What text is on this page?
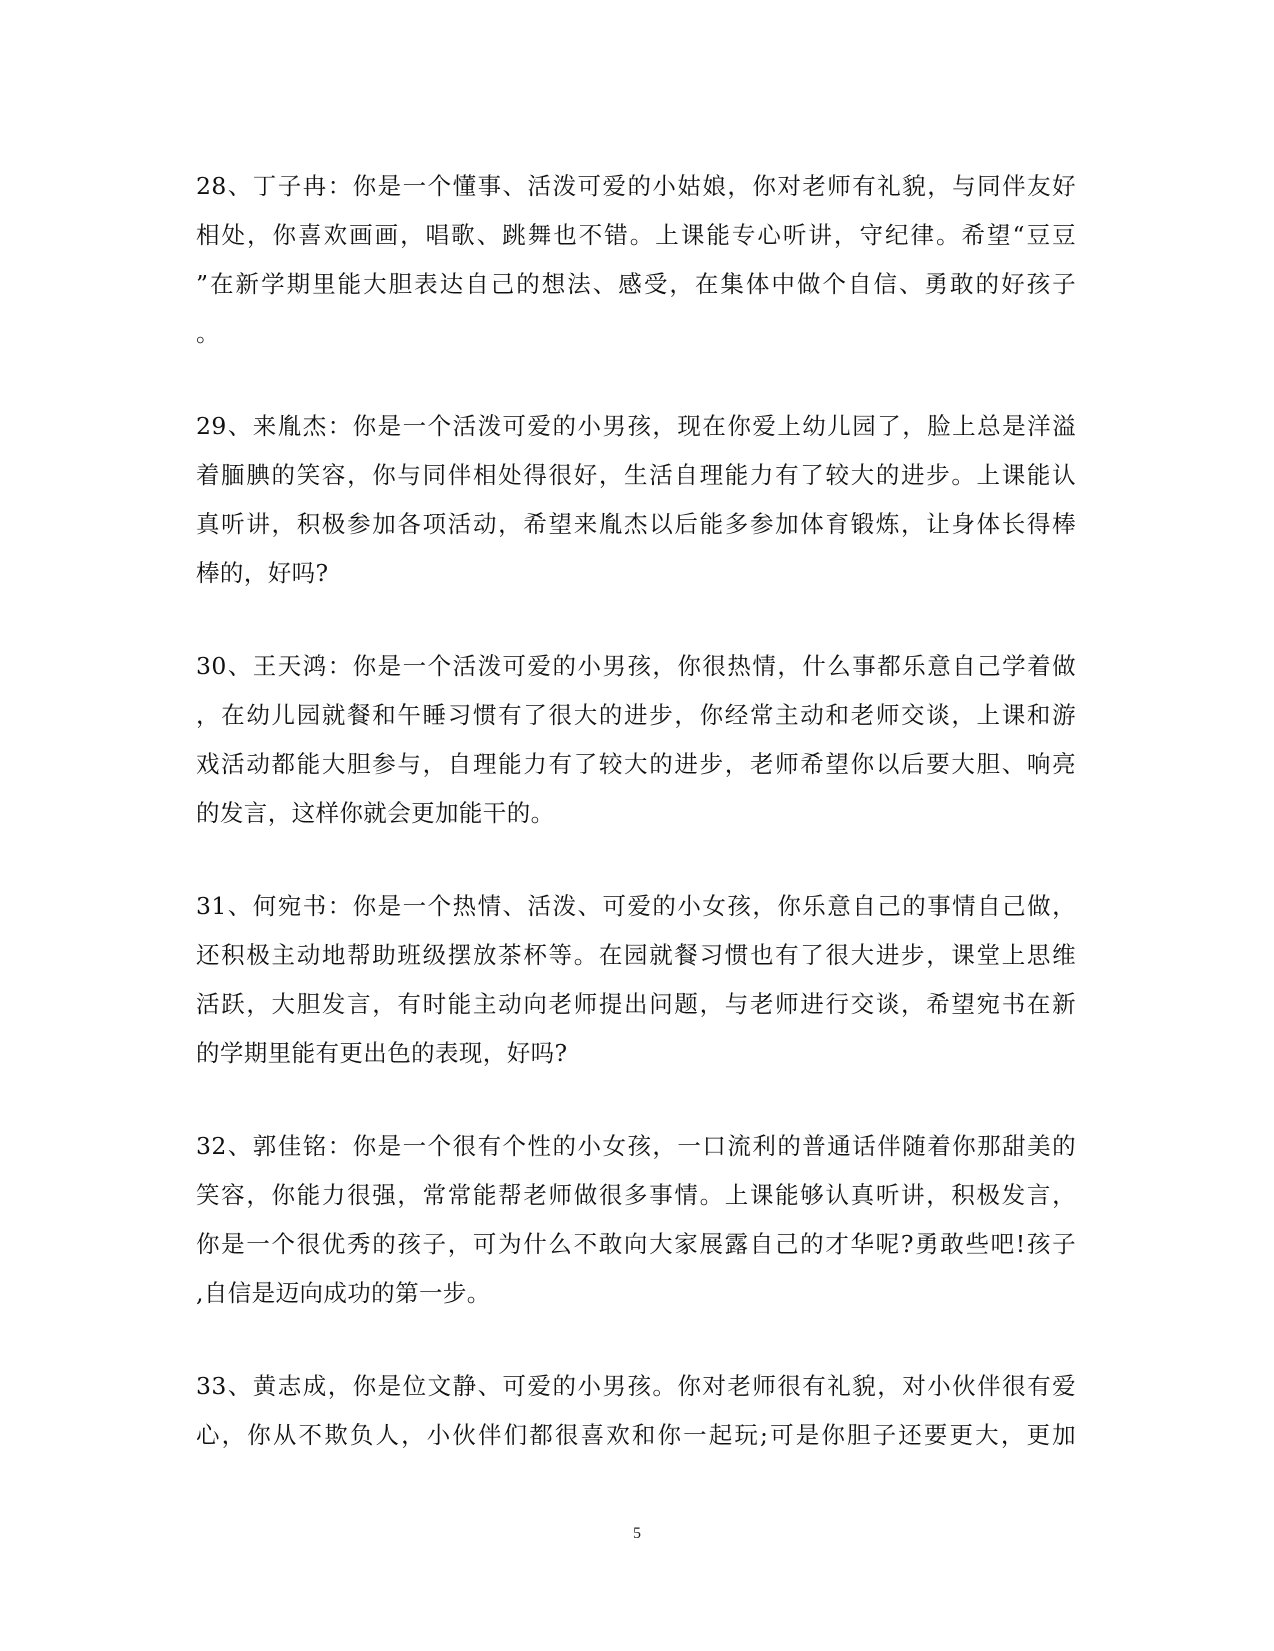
28、丁子冉：你是一个懂事、活泼可爱的小姑娘，你对老师有礼貌，与同伴友好
相处，你喜欢画画，唱歌、跳舞也不错。上课能专心听讲，守纪律。希望“豆豆
”在新学期里能大胆表达自己的想法、感受，在集体中做个自信、勇敢的好孩子
。

29、来胤杰：你是一个活泼可爱的小男孩，现在你爱上幼儿园了，脸上总是洋溢
着腼腆的笑容，你与同伴相处得很好，生活自理能力有了较大的进步。上课能认
真听讲，积极参加各项活动，希望来胤杰以后能多参加体育锻炼，让身体长得棒
棒的，好吗?

30、王天鸿：你是一个活泼可爱的小男孩，你很热情，什么事都乐意自己学着做
，在幼儿园就餐和午睡习惯有了很大的进步，你经常主动和老师交谈，上课和游
戏活动都能大胆参与，自理能力有了较大的进步，老师希望你以后要大胆、响亮
的发言，这样你就会更加能干的。

31、何宛书：你是一个热情、活泼、可爱的小女孩，你乐意自己的事情自己做，
还积极主动地帮助班级摆放茶杯等。在园就餐习惯也有了很大进步，课堂上思维
活跃，大胆发言，有时能主动向老师提出问题，与老师进行交谈，希望宛书在新
的学期里能有更出色的表现，好吗?

32、郭佳铭：你是一个很有个性的小女孩，一口流利的普通话伴随着你那甜美的
笑容，你能力很强，常常能帮老师做很多事情。上课能够认真听讲，积极发言，
你是一个很优秀的孩子，可为什么不敢向大家展露自己的才华呢?勇敢些吧!孩子
,自信是迈向成功的第一步。

33、黄志成，你是位文静、可爱的小男孩。你对老师很有礼貌，对小伙伴很有爱
心，你从不欺负人，小伙伴们都很喜欢和你一起玩;可是你胆子还要更大，更加

5
